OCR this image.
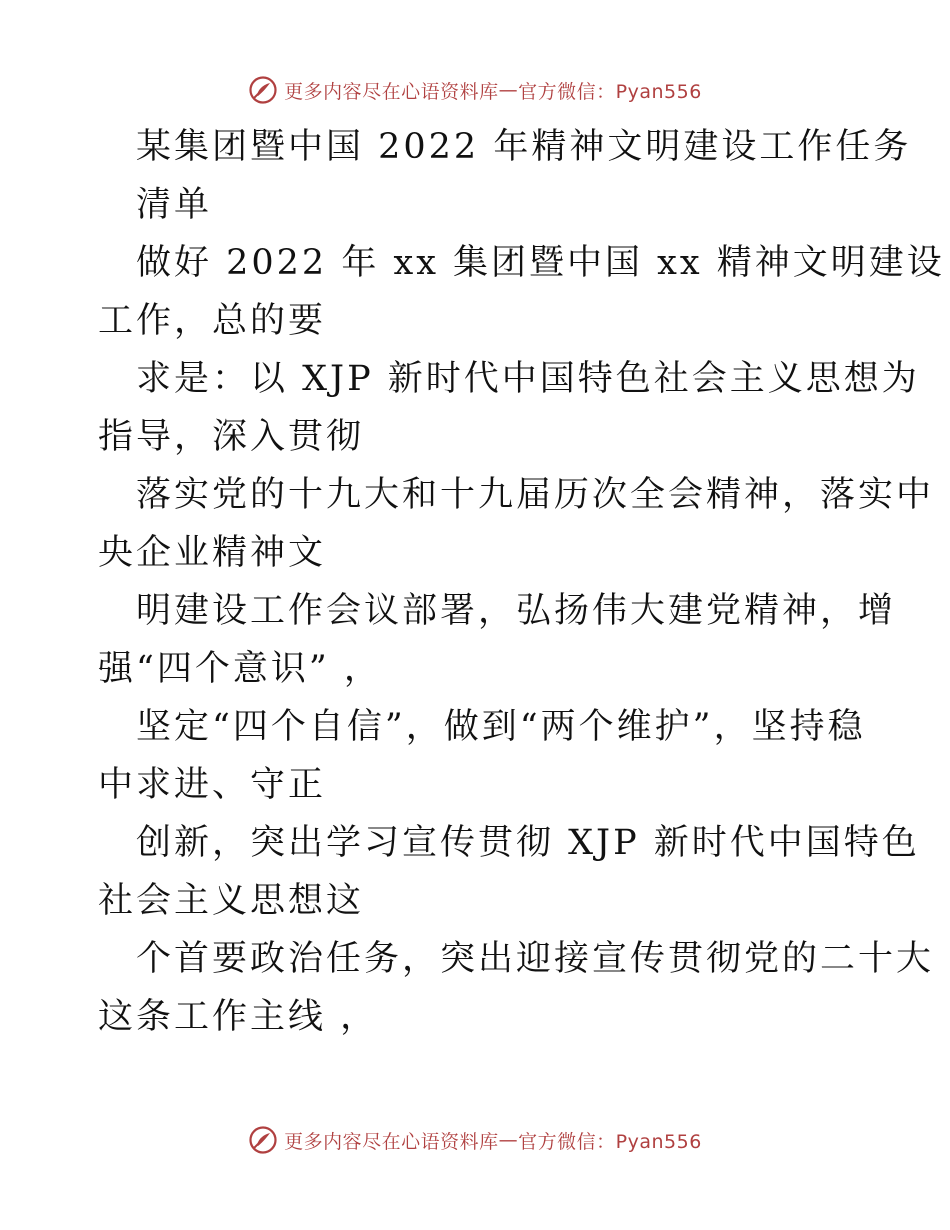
更多内容尽在心语资料库 — 官方微信：Pyan556
某集团暨中国 2022 年精神文明建设工作任务
清单
做好 2022 年 xx 集团暨中国 xx 精神文明建设
工作，总的要
求是：以 XJP 新时代中国特色社会主义思想为
指导，深入贯彻
落实党的十九大和十九届历次全会精神，落实中
央企业精神文
明建设工作会议部署，弘扬伟大建党精神，增
强“四个意识” ，
坚定“四个自信”，做到“两个维护”，坚持稳
中求进、守正
创新，突出学习宣传贯彻 XJP 新时代中国特色
社会主义思想这
个首要政治任务，突出迎接宣传贯彻党的二十大
这条工作主线 ，
更多内容尽在心语资料库 — 官方微信：Pyan556
